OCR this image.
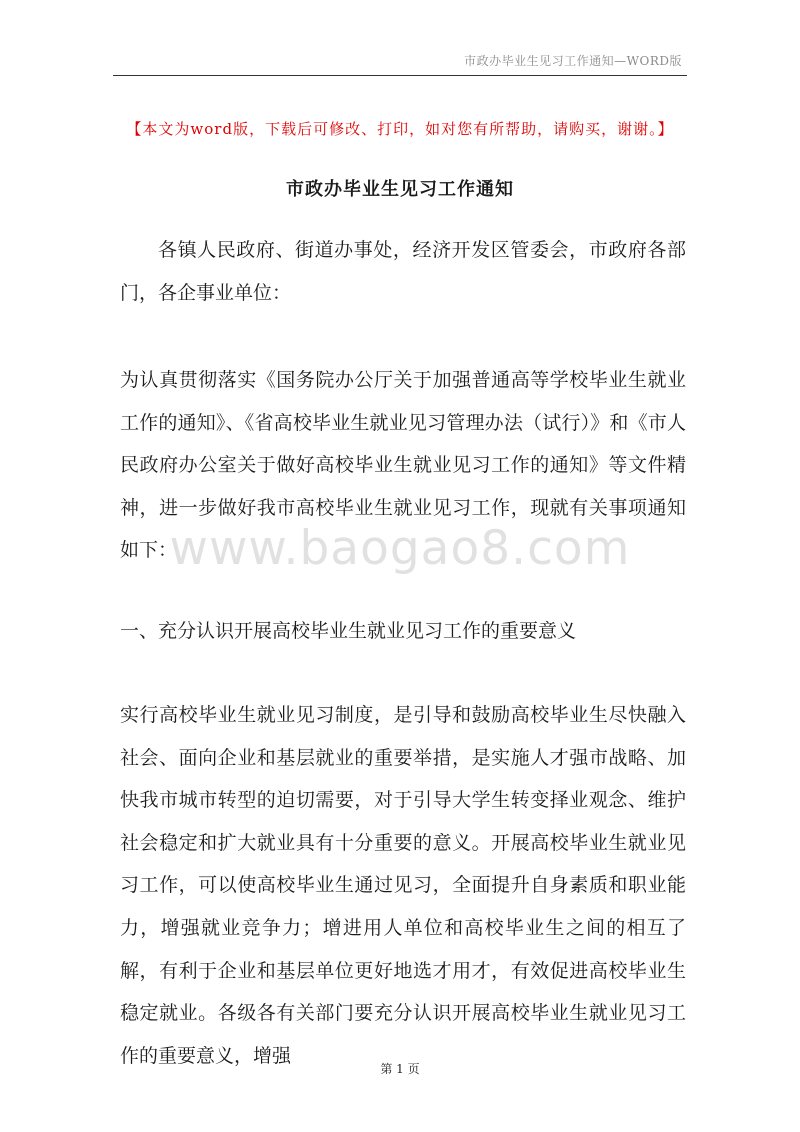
市政办毕业生见习工作通知—WORD版
【本文为word版，下载后可修改、打印，如对您有所帮助，请购买，谢谢。】
市政办毕业生见习工作通知

各镇人民政府、街道办事处，经济开发区管委会，市政府各部门，各企事业单位：

为认真贯彻落实《国务院办公厅关于加强普通高等学校毕业生就业工作的通知》、《省高校毕业生就业见习管理办法（试行）》和《市人民政府办公室关于做好高校毕业生就业见习工作的通知》等文件精神，进一步做好我市高校毕业生就业见习工作，现就有关事项通知如下：

www.baogao8.com

一、充分认识开展高校毕业生就业见习工作的重要意义

实行高校毕业生就业见习制度，是引导和鼓励高校毕业生尽快融入社会、面向企业和基层就业的重要举措，是实施人才强市战略、加快我市城市转型的迫切需要，对于引导大学生转变择业观念、维护社会稳定和扩大就业具有十分重要的意义。开展高校毕业生就业见习工作，可以使高校毕业生通过见习，全面提升自身素质和职业能力，增强就业竞争力；增进用人单位和高校毕业生之间的相互了解，有利于企业和基层单位更好地选才用才，有效促进高校毕业生稳定就业。各级各有关部门要充分认识开展高校毕业生就业见习工作的重要意义，增强

第 1 页
